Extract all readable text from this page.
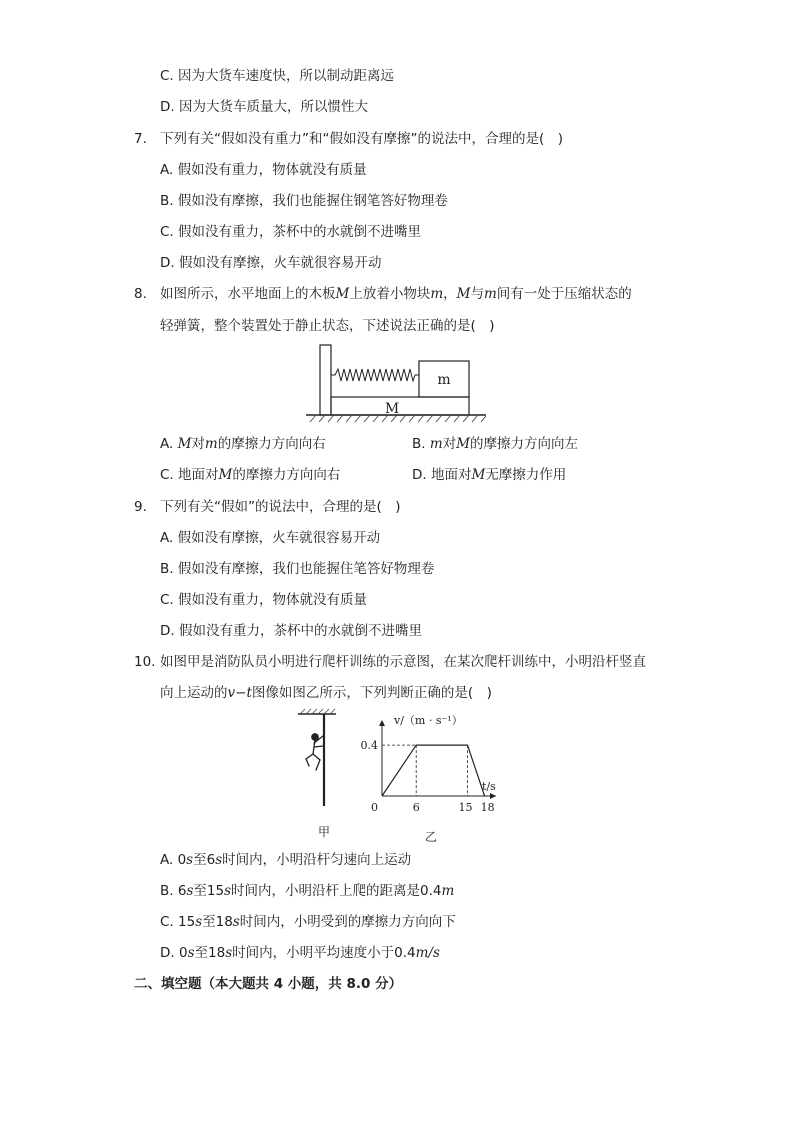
C. 因为大货车速度快，所以制动距离远
D. 因为大货车质量大，所以惯性大
7. 下列有关“假如没有重力”和“假如没有摩擦”的说法中，合理的是(　)
A. 假如没有重力，物体就没有质量
B. 假如没有摩擦，我们也能握住钢笔答好物理卷
C. 假如没有重力，茶杯中的水就倒不进嘴里
D. 假如没有摩擦，火车就很容易开动
8. 如图所示，水平地面上的木板M上放着小物块m，M与m间有一处于压缩状态的
轻弹簧，整个装置处于静止状态，下述说法正确的是(　)
m
M
A. M对m的摩擦力方向向右	B. m对M的摩擦力方向向左
C. 地面对M的摩擦力方向向右	D. 地面对M无摩擦力作用
9. 下列有关“假如”的说法中，合理的是(　)
A. 假如没有摩擦，火车就很容易开动
B. 假如没有摩擦，我们也能握住笔答好物理卷
C. 假如没有重力，物体就没有质量
D. 假如没有重力，茶杯中的水就倒不进嘴里
10. 如图甲是消防队员小明进行爬杆训练的示意图，在某次爬杆训练中，小明沿杆竖直
向上运动的v−t图像如图乙所示，下列判断正确的是(　)
甲
v/（m · s⁻¹）
t/s
0	6	15 18
0.4
乙
A. 0s至6s时间内，小明沿杆匀速向上运动
B. 6s至15s时间内，小明沿杆上爬的距离是0.4m
C. 15s至18s时间内，小明受到的摩擦力方向向下
D. 0s至18s时间内，小明平均速度小于0.4m/s
二、填空题（本大题共 4 小题，共 8.0 分）
